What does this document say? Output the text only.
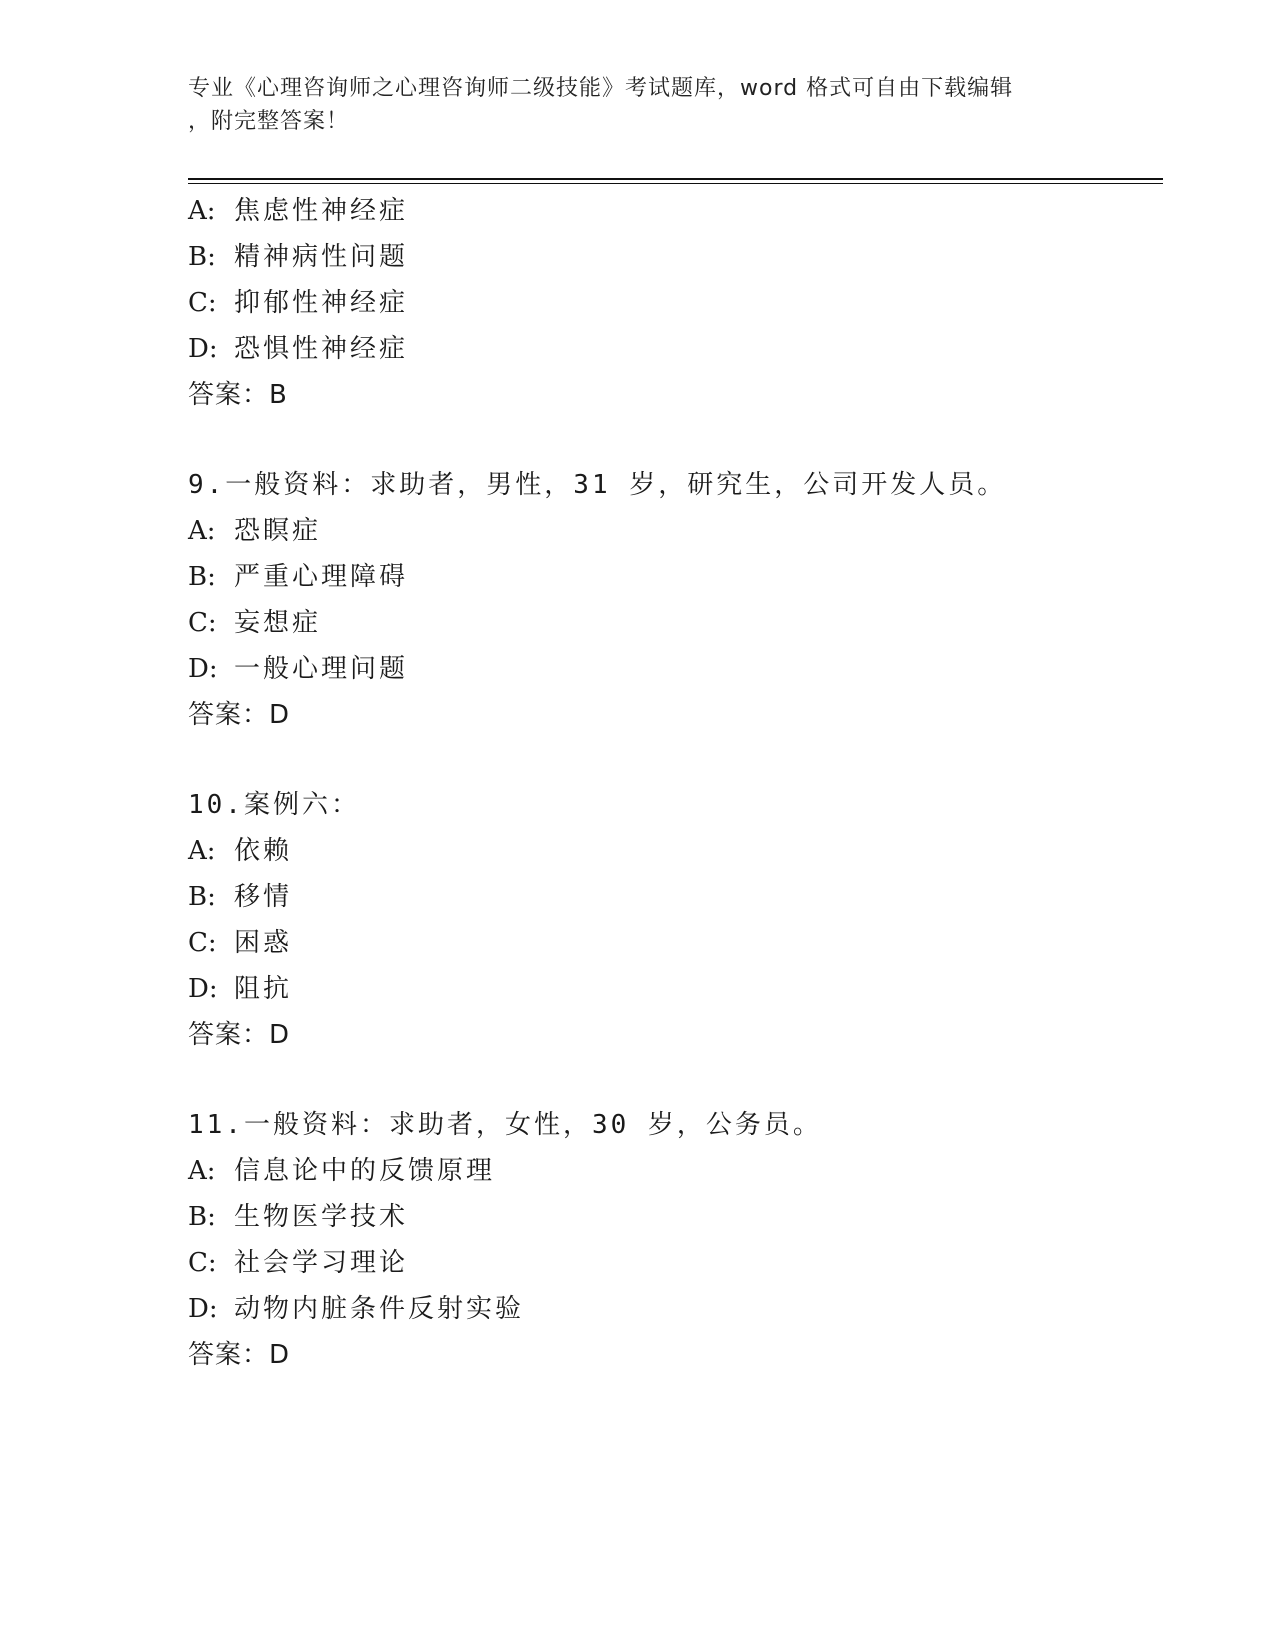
专业《心理咨询师之心理咨询师二级技能》考试题库，word 格式可自由下载编辑
，附完整答案！
A: 焦虑性神经症
B: 精神病性问题
C: 抑郁性神经症
D: 恐惧性神经症
答案：B
9.一般资料：求助者，男性，31 岁，研究生，公司开发人员。
A: 恐瞑症
B: 严重心理障碍
C: 妄想症
D: 一般心理问题
答案：D
10.案例六：
A: 依赖
B: 移情
C: 困惑
D: 阻抗
答案：D
11.一般资料：求助者，女性，30 岁，公务员。
A: 信息论中的反馈原理
B: 生物医学技术
C: 社会学习理论
D: 动物内脏条件反射实验
答案：D
